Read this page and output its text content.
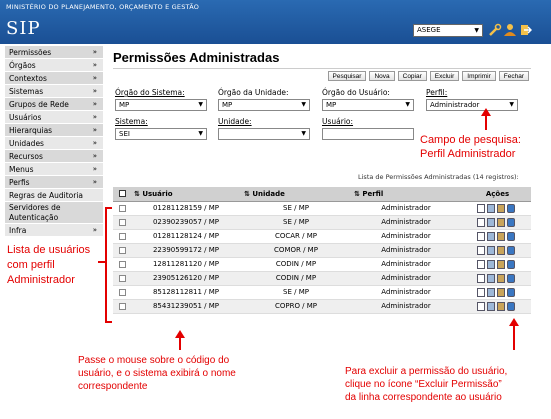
MINISTÉRIO DO PLANEJAMENTO, ORÇAMENTO E GESTÃO
SIP	ASEGE	▼
Permissões	»
Órgãos	»
Contextos	»
Sistemas	»
Grupos de Rede	»
Usuários	»
Hierarquias	»
Unidades	»
Recursos	»
Menus	»
Perfis	»
Regras de Auditoria
Servidores de Autenticação
Infra	»
Permissões Administradas
Pesquisar	Nova	Copiar	Excluir	Imprimir	Fechar
Órgão do Sistema:
MP	▼
Órgão da Unidade:
MP	▼
Órgão do Usuário:
MP	▼
Perfil:
Administrador	▼
Sistema:
SEI	▼
Unidade:
▼
Usuário:
Lista de Permissões Administradas (14 registros):
	⇅ Usuário	⇅ Unidade	⇅ Perfil	Ações
	01281128159 / MP	SE / MP	Administrador	

	02390239057 / MP	SE / MP	Administrador	

	01281128124 / MP	COCAR / MP	Administrador	

	22390599172 / MP	COMOR / MP	Administrador	

	12811281120 / MP	CODIN / MP	Administrador	

	23905126120 / MP	CODIN / MP	Administrador	

	85128112811 / MP	SE / MP	Administrador	

	85431239051 / MP	COPRO / MP	Administrador	
Campo de pesquisa:
Perfil Administrador
Lista de usuários
com perfil
Administrador
Passe o mouse sobre o código do
usuário, e o sistema exibirá o nome
correspondente
Para excluir a permissão do usuário,
clique no ícone “Excluir Permissão”
da linha correspondente ao usuário
